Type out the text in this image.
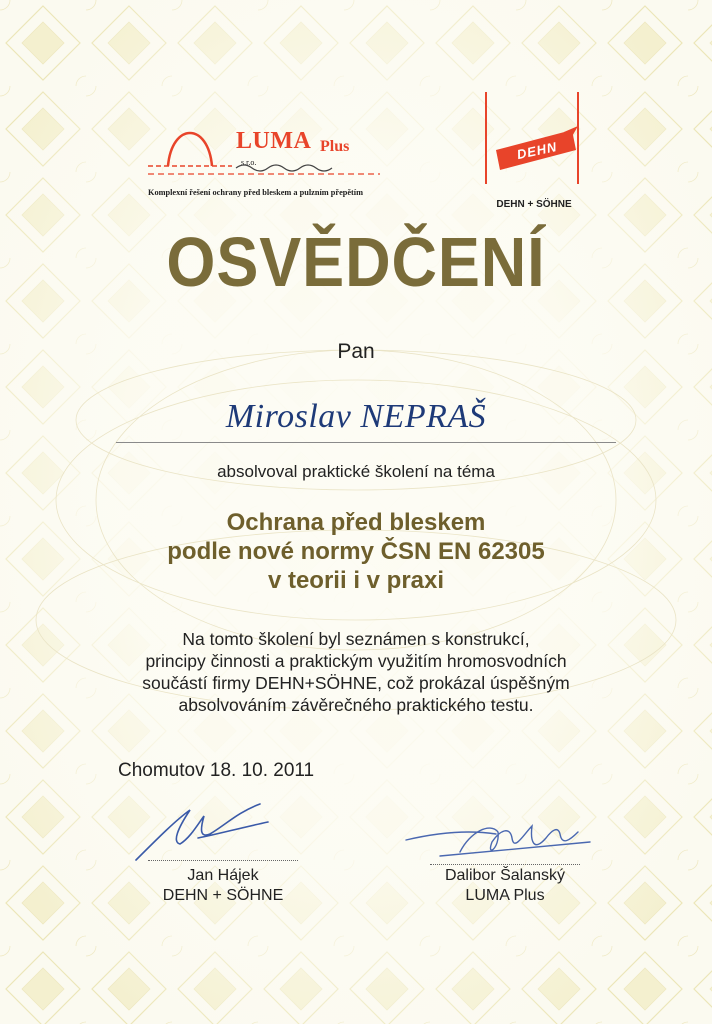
LUMA Plus
s.r.o.
Komplexní řešení ochrany před bleskem a pulzním přepětím
DEHN
DEHN + SÖHNE
OSVĚDČENÍ
Pan
Miroslav NEPRAŠ
absolvoval praktické školení na téma
Ochrana před bleskem
podle nové normy ČSN EN 62305
v teorii i v praxi
Na tomto školení byl seznámen s konstrukcí,
principy činnosti a praktickým využitím hromosvodních
součástí firmy DEHN+SÖHNE, což prokázal úspěšným
absolvováním závěrečného praktického testu.
Chomutov 18. 10. 2011
Jan Hájek
DEHN + SÖHNE
Dalibor Šalanský
LUMA Plus
